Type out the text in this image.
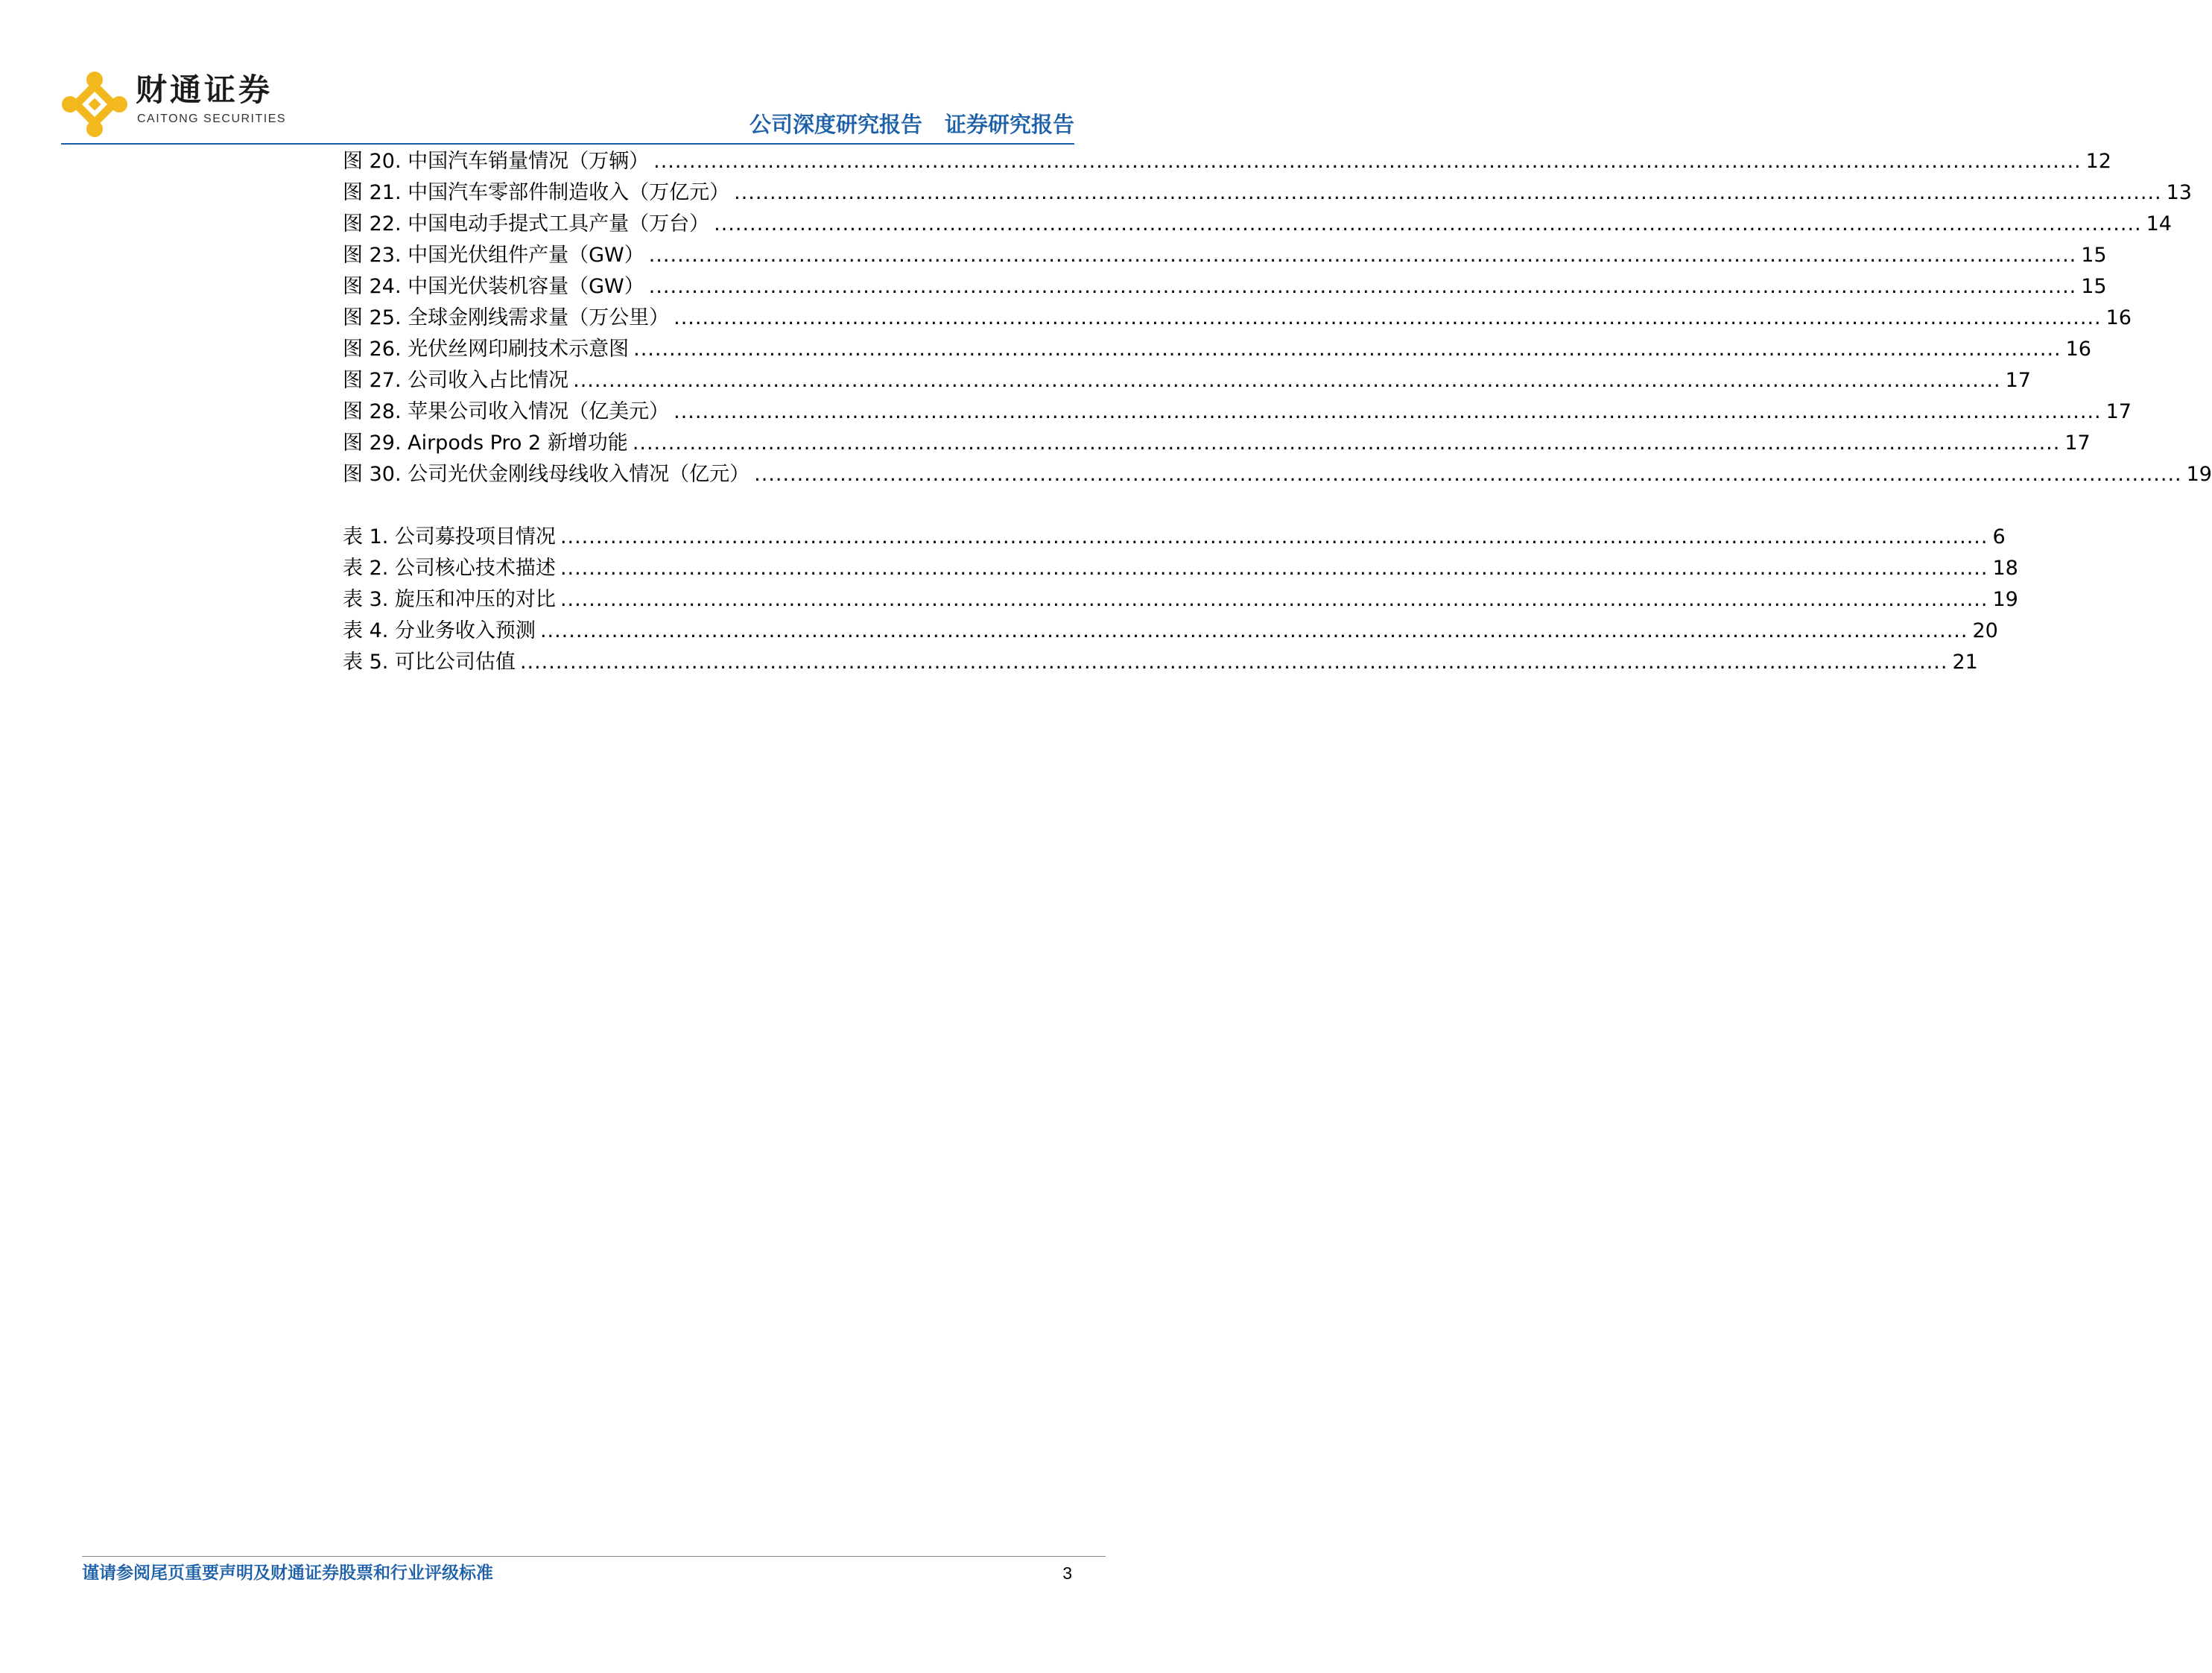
财通证券
CAITONG SECURITIES	公司深度研究报告 证券研究报告
图 20. 中国汽车销量情况（万辆） ........................................................................................................................................................................................................ 12
图 21. 中国汽车零部件制造收入（万亿元） ........................................................................................................................................................................................................ 13
图 22. 中国电动手提式工具产量（万台） ........................................................................................................................................................................................................ 14
图 23. 中国光伏组件产量（GW） ........................................................................................................................................................................................................ 15
图 24. 中国光伏装机容量（GW） ........................................................................................................................................................................................................ 15
图 25. 全球金刚线需求量（万公里） ........................................................................................................................................................................................................ 16
图 26. 光伏丝网印刷技术示意图 ........................................................................................................................................................................................................ 16
图 27. 公司收入占比情况 ........................................................................................................................................................................................................ 17
图 28. 苹果公司收入情况（亿美元） ........................................................................................................................................................................................................ 17
图 29. Airpods Pro 2 新增功能 ........................................................................................................................................................................................................ 17
图 30. 公司光伏金刚线母线收入情况（亿元） ........................................................................................................................................................................................................ 19
表 1. 公司募投项目情况 ........................................................................................................................................................................................................ 6
表 2. 公司核心技术描述 ........................................................................................................................................................................................................ 18
表 3. 旋压和冲压的对比 ........................................................................................................................................................................................................ 19
表 4. 分业务收入预测 ........................................................................................................................................................................................................ 20
表 5. 可比公司估值 ........................................................................................................................................................................................................ 21
谨请参阅尾页重要声明及财通证券股票和行业评级标准	3
